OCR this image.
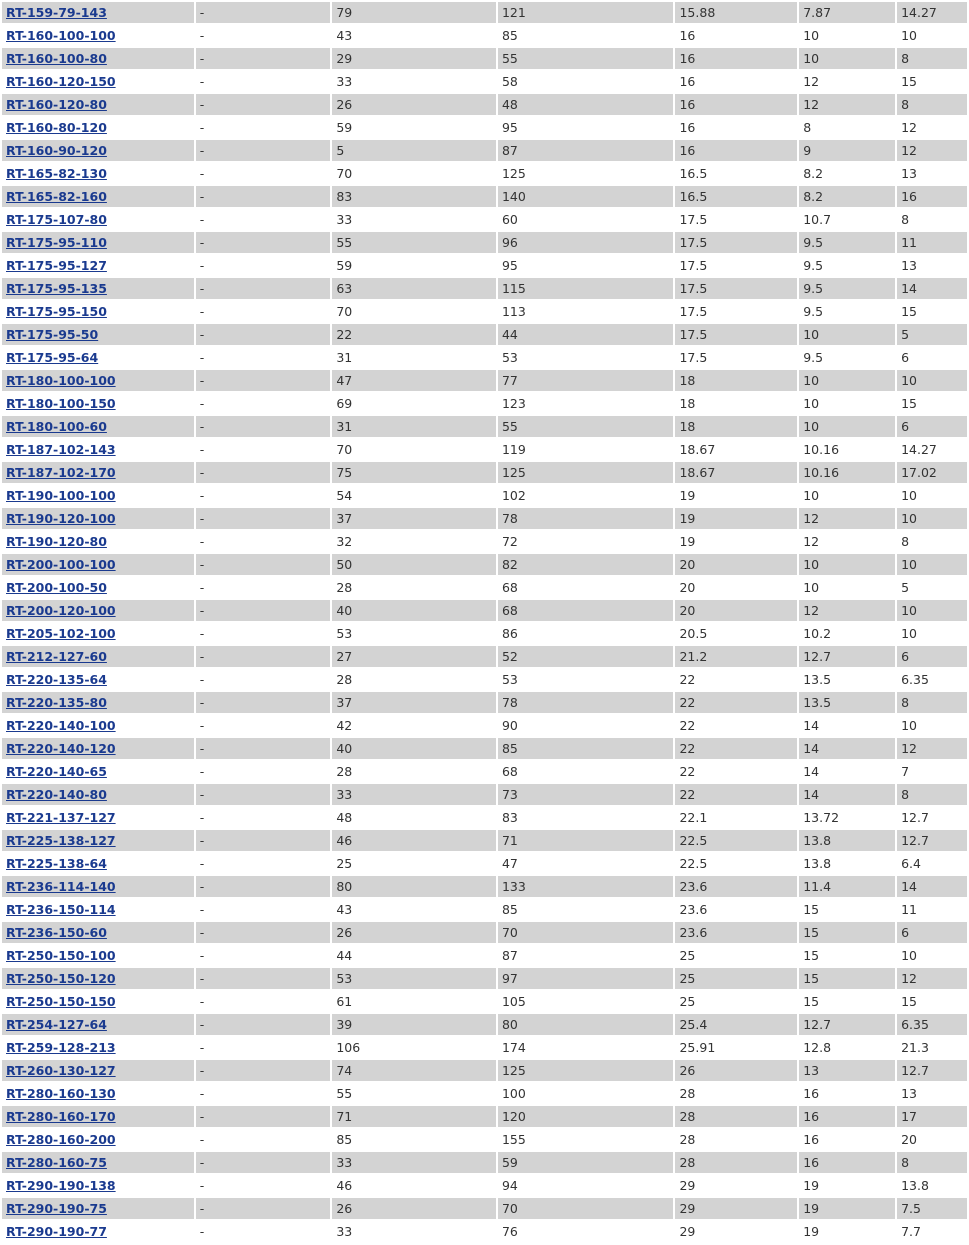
RT-159-79-143	-	79	121	15.88	7.87	14.27
RT-160-100-100	-	43	85	16	10	10
RT-160-100-80	-	29	55	16	10	8
RT-160-120-150	-	33	58	16	12	15
RT-160-120-80	-	26	48	16	12	8
RT-160-80-120	-	59	95	16	8	12
RT-160-90-120	-	5	87	16	9	12
RT-165-82-130	-	70	125	16.5	8.2	13
RT-165-82-160	-	83	140	16.5	8.2	16
RT-175-107-80	-	33	60	17.5	10.7	8
RT-175-95-110	-	55	96	17.5	9.5	11
RT-175-95-127	-	59	95	17.5	9.5	13
RT-175-95-135	-	63	115	17.5	9.5	14
RT-175-95-150	-	70	113	17.5	9.5	15
RT-175-95-50	-	22	44	17.5	10	5
RT-175-95-64	-	31	53	17.5	9.5	6
RT-180-100-100	-	47	77	18	10	10
RT-180-100-150	-	69	123	18	10	15
RT-180-100-60	-	31	55	18	10	6
RT-187-102-143	-	70	119	18.67	10.16	14.27
RT-187-102-170	-	75	125	18.67	10.16	17.02
RT-190-100-100	-	54	102	19	10	10
RT-190-120-100	-	37	78	19	12	10
RT-190-120-80	-	32	72	19	12	8
RT-200-100-100	-	50	82	20	10	10
RT-200-100-50	-	28	68	20	10	5
RT-200-120-100	-	40	68	20	12	10
RT-205-102-100	-	53	86	20.5	10.2	10
RT-212-127-60	-	27	52	21.2	12.7	6
RT-220-135-64	-	28	53	22	13.5	6.35
RT-220-135-80	-	37	78	22	13.5	8
RT-220-140-100	-	42	90	22	14	10
RT-220-140-120	-	40	85	22	14	12
RT-220-140-65	-	28	68	22	14	7
RT-220-140-80	-	33	73	22	14	8
RT-221-137-127	-	48	83	22.1	13.72	12.7
RT-225-138-127	-	46	71	22.5	13.8	12.7
RT-225-138-64	-	25	47	22.5	13.8	6.4
RT-236-114-140	-	80	133	23.6	11.4	14
RT-236-150-114	-	43	85	23.6	15	11
RT-236-150-60	-	26	70	23.6	15	6
RT-250-150-100	-	44	87	25	15	10
RT-250-150-120	-	53	97	25	15	12
RT-250-150-150	-	61	105	25	15	15
RT-254-127-64	-	39	80	25.4	12.7	6.35
RT-259-128-213	-	106	174	25.91	12.8	21.3
RT-260-130-127	-	74	125	26	13	12.7
RT-280-160-130	-	55	100	28	16	13
RT-280-160-170	-	71	120	28	16	17
RT-280-160-200	-	85	155	28	16	20
RT-280-160-75	-	33	59	28	16	8
RT-290-190-138	-	46	94	29	19	13.8
RT-290-190-75	-	26	70	29	19	7.5
RT-290-190-77	-	33	76	29	19	7.7
